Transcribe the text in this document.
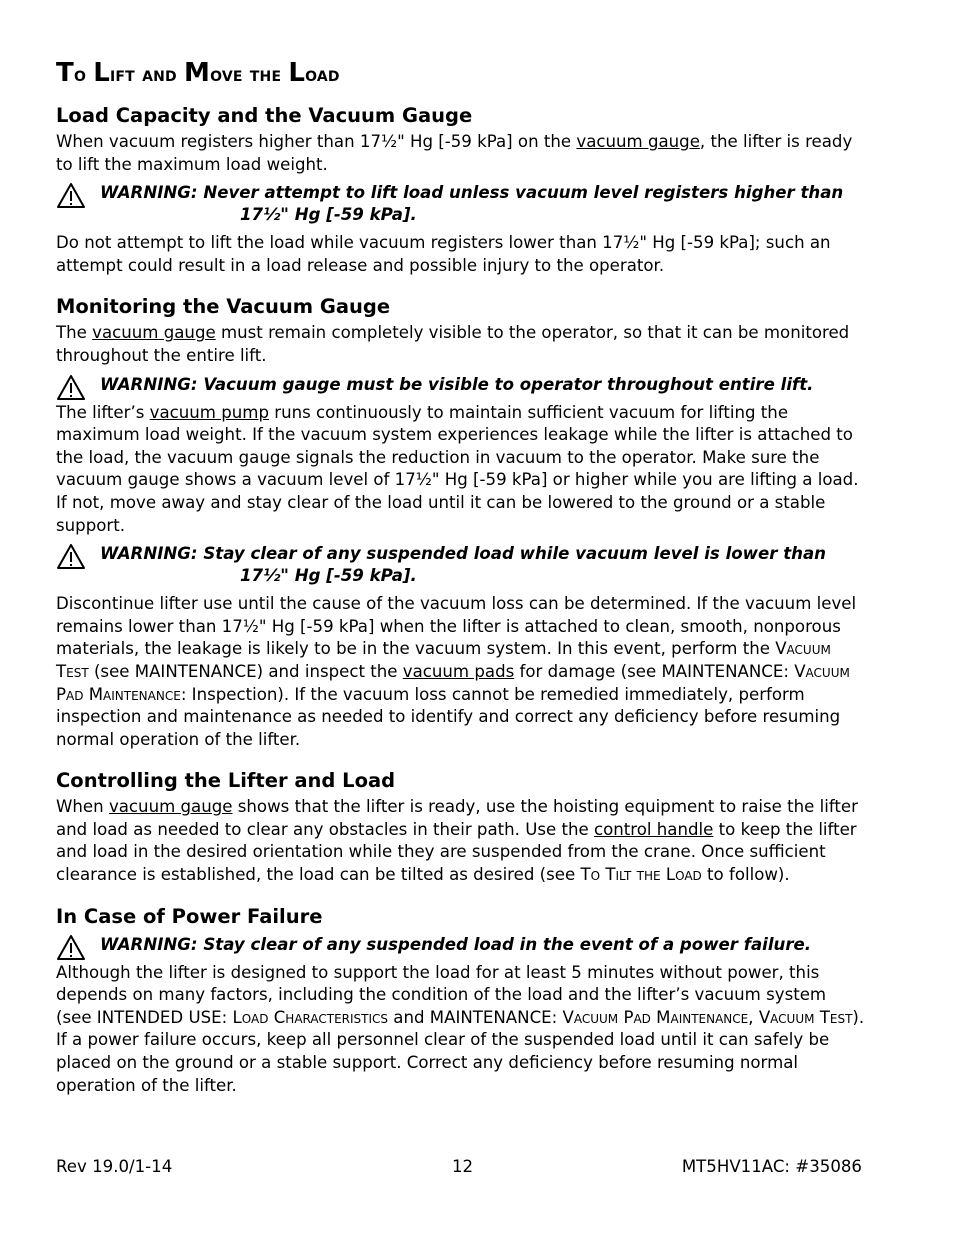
To Lift and Move the Load
Load Capacity and the Vacuum Gauge

When vacuum registers higher than 17½" Hg [-59 kPa] on the vacuum gauge, the lifter is ready to lift the maximum load weight.

WARNING: Never attempt to lift load unless vacuum level registers higher than
17½" Hg [-59 kPa].

Do not attempt to lift the load while vacuum registers lower than 17½" Hg [-59 kPa]; such an attempt could result in a load release and possible injury to the operator.

Monitoring the Vacuum Gauge

The vacuum gauge must remain completely visible to the operator, so that it can be monitored throughout the entire lift.

WARNING: Vacuum gauge must be visible to operator throughout entire lift.

The lifter’s vacuum pump runs continuously to maintain sufficient vacuum for lifting the maximum load weight. If the vacuum system experiences leakage while the lifter is attached to the load, the vacuum gauge signals the reduction in vacuum to the operator. Make sure the vacuum gauge shows a vacuum level of 17½" Hg [-59 kPa] or higher while you are lifting a load. If not, move away and stay clear of the load until it can be lowered to the ground or a stable support.

WARNING: Stay clear of any suspended load while vacuum level is lower than
17½" Hg [-59 kPa].

Discontinue lifter use until the cause of the vacuum loss can be determined. If the vacuum level remains lower than 17½" Hg [-59 kPa] when the lifter is attached to clean, smooth, nonporous materials, the leakage is likely to be in the vacuum system. In this event, perform the Vacuum Test (see MAINTENANCE) and inspect the vacuum pads for damage (see MAINTENANCE: Vacuum Pad Maintenance: Inspection). If the vacuum loss cannot be remedied immediately, perform inspection and maintenance as needed to identify and correct any deficiency before resuming normal operation of the lifter.

Controlling the Lifter and Load

When vacuum gauge shows that the lifter is ready, use the hoisting equipment to raise the lifter and load as needed to clear any obstacles in their path. Use the control handle to keep the lifter and load in the desired orientation while they are suspended from the crane. Once sufficient clearance is established, the load can be tilted as desired (see To Tilt the Load to follow).

In Case of Power Failure
WARNING: Stay clear of any suspended load in the event of a power failure.

Although the lifter is designed to support the load for at least 5 minutes without power, this depends on many factors, including the condition of the load and the lifter’s vacuum system (see INTENDED USE: Load Characteristics and MAINTENANCE: Vacuum Pad Maintenance, Vacuum Test). If a power failure occurs, keep all personnel clear of the suspended load until it can safely be placed on the ground or a stable support. Correct any deficiency before resuming normal operation of the lifter.

Rev 19.0/1-14	12	MT5HV11AC: #35086
